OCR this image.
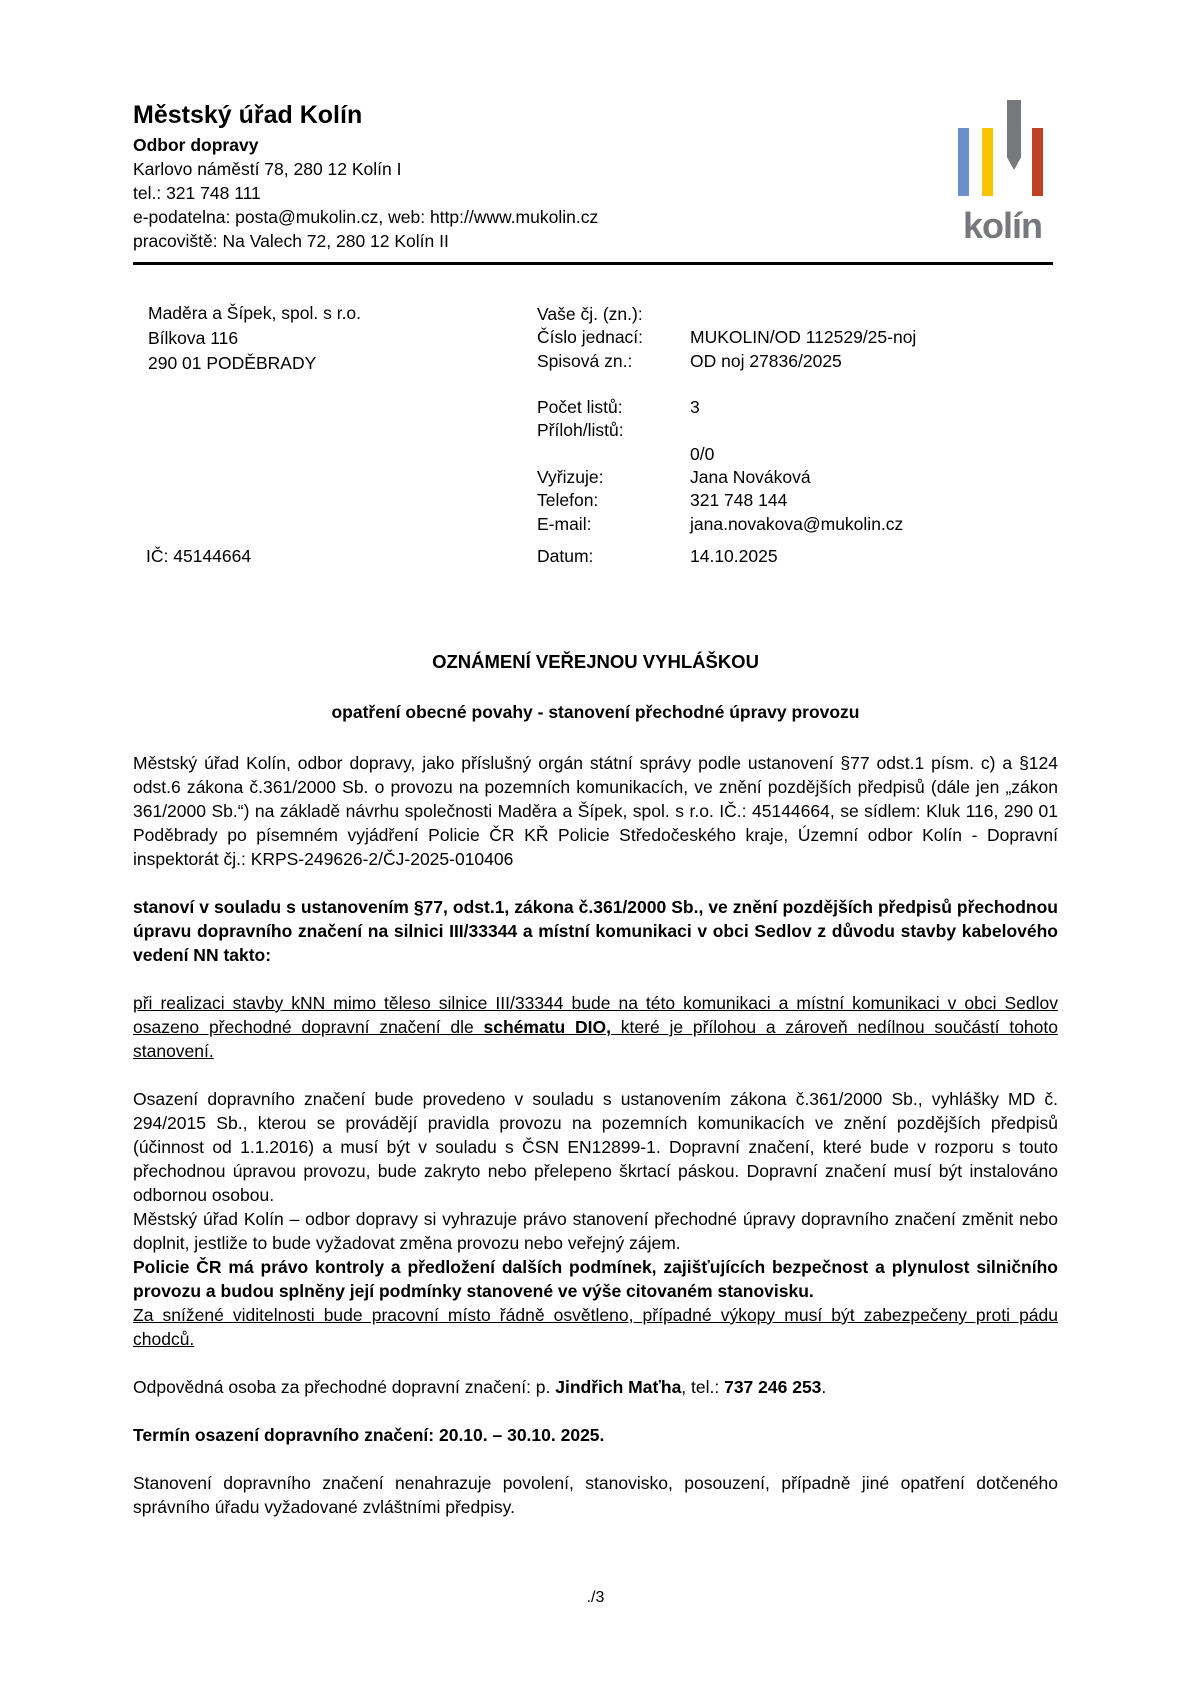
Městský úřad Kolín
Odbor dopravy
Karlovo náměstí 78, 280 12 Kolín I
tel.: 321 748 111
e-podatelna: posta@mukolin.cz, web: http://www.mukolin.cz
pracoviště: Na Valech 72, 280 12 Kolín II	kolín
Maděra a Šípek, spol. s r.o.
Bílkova 116
290 01 PODĚBRADY
Vaše čj. (zn.):
Číslo jednací:	MUKOLIN/OD 112529/25-noj
Spisová zn.:	OD noj 27836/2025
Počet listů:	3
Příloh/listů:
0/0
Vyřizuje:	Jana Nováková
Telefon:	321 748 144
E-mail:	jana.novakova@mukolin.cz
IČ: 45144664	Datum:	14.10.2025
OZNÁMENÍ VEŘEJNOU VYHLÁŠKOU
opatření obecné povahy - stanovení přechodné úpravy provozu

Městský úřad Kolín, odbor dopravy, jako příslušný orgán státní správy podle ustanovení §77 odst.1 písm. c) a §124 odst.6 zákona č.361/2000 Sb. o provozu na pozemních komunikacích, ve znění pozdějších předpisů (dále jen „zákon 361/2000 Sb.“) na základě návrhu společnosti Maděra a Šípek, spol. s r.o. IČ.: 45144664, se sídlem: Kluk 116, 290 01 Poděbrady po písemném vyjádření Policie ČR KŘ Policie Středočeského kraje, Územní odbor Kolín - Dopravní inspektorát čj.: KRPS-249626-2/ČJ-2025-010406

stanoví v souladu s ustanovením §77, odst.1, zákona č.361/2000 Sb., ve znění pozdějších předpisů přechodnou úpravu dopravního značení na silnici III/33344 a místní komunikaci v obci Sedlov z důvodu stavby kabelového vedení NN takto:

při realizaci stavby kNN mimo těleso silnice III/33344 bude na této komunikaci a místní komunikaci v obci Sedlov osazeno přechodné dopravní značení dle schématu DIO, které je přílohou a zároveň nedílnou součástí tohoto stanovení.

Osazení dopravního značení bude provedeno v souladu s ustanovením zákona č.361/2000 Sb., vyhlášky MD č. 294/2015 Sb., kterou se provádějí pravidla provozu na pozemních komunikacích ve znění pozdějších předpisů (účinnost od 1.1.2016) a musí být v souladu s ČSN EN12899-1. Dopravní značení, které bude v rozporu s touto přechodnou úpravou provozu, bude zakryto nebo přelepeno škrtací páskou. Dopravní značení musí být instalováno odbornou osobou.

Městský úřad Kolín – odbor dopravy si vyhrazuje právo stanovení přechodné úpravy dopravního značení změnit nebo doplnit, jestliže to bude vyžadovat změna provozu nebo veřejný zájem.

Policie ČR má právo kontroly a předložení dalších podmínek, zajišťujících bezpečnost a plynulost silničního provozu a budou splněny její podmínky stanovené ve výše citovaném stanovisku.

Za snížené viditelnosti bude pracovní místo řádně osvětleno, případné výkopy musí být zabezpečeny proti pádu chodců.

Odpovědná osoba za přechodné dopravní značení: p. Jindřich Maťha, tel.: 737 246 253.

Termín osazení dopravního značení: 20.10. – 30.10. 2025.

Stanovení dopravního značení nenahrazuje povolení, stanovisko, posouzení, případně jiné opatření dotčeného správního úřadu vyžadované zvláštními předpisy.

./3
